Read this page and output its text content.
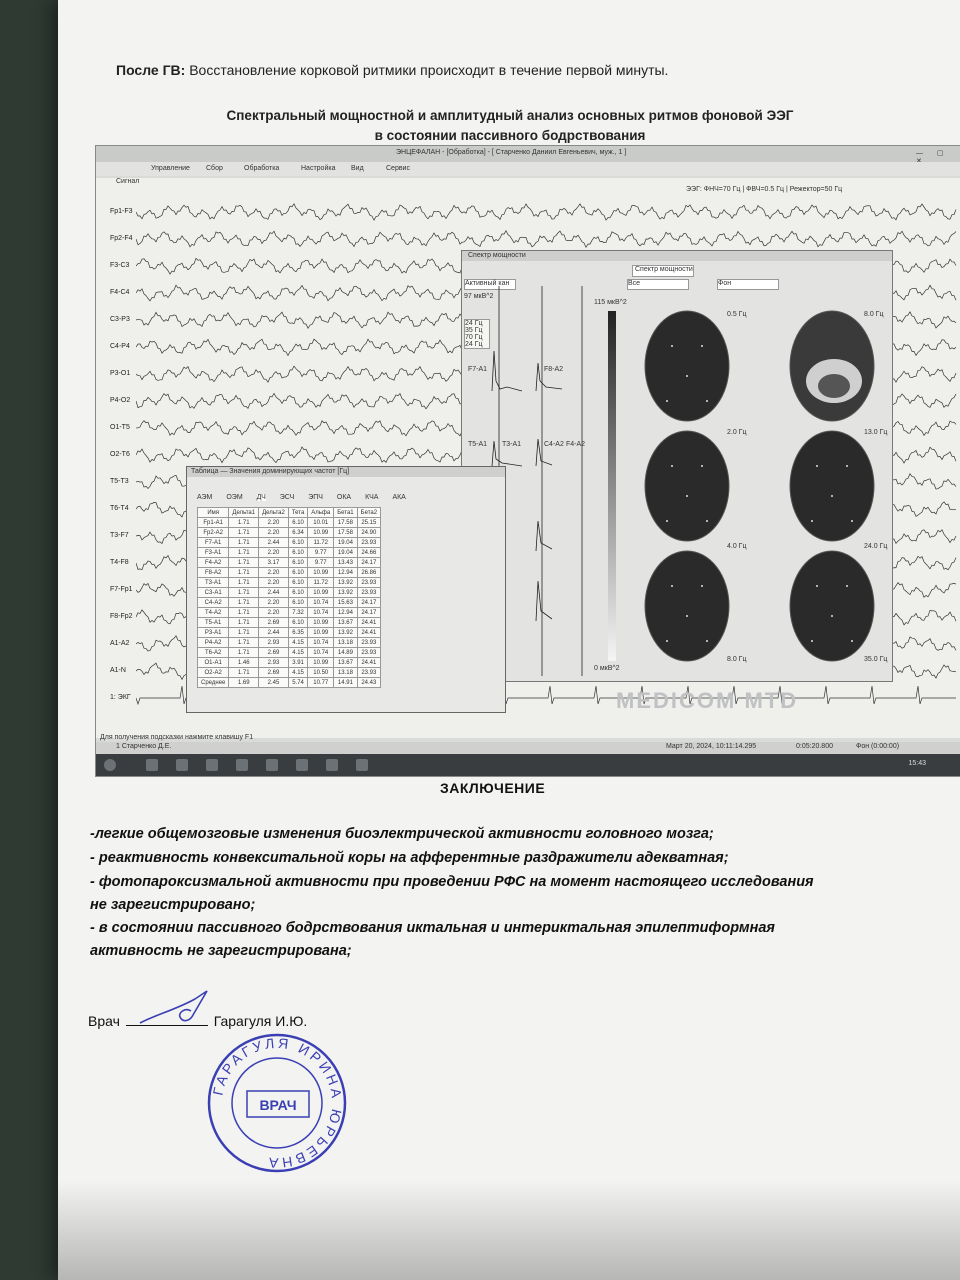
После ГВ: Восстановление корковой ритмики происходит в течение первой минуты.
Спектральный мощностной и амплитудный анализ основных ритмов фоновой ЭЭГ
в состоянии пассивного бодрствования
ЭНЦЕФАЛАН - [Обработка] - [ Старченко Даниил Евгеньевич, муж., 1 ]	— ▢
Управление Сбор	Обработка	Настройка Вид	Сервис
Сигнал
ЭЭГ: ФНЧ=70 Гц | ФВЧ=0.5 Гц | Режектор=50 Гц
Fp1-F3
Fp2-F4
F3-C3
F4-C4
C3-P3
C4-P4
P3-O1
P4-O2
O1-T5
O2-T6
T5-T3
T6-T4
T3-F7
T4-F8
F7-Fp1
F8-Fp2
A1-A2
A1-N
1: ЭКГ
Спектр мощности
Спектр мощности
Активный кан	Все	Фон
97 мкВ^2
24 Гц
35 Гц
70 Гц
24 Гц
F7-A1	F8-A2
T5-A1 T3-A1	C4-A2 F4-A2
115 мкВ^2
0 мкВ^2
0.5 Гц	8.0 Гц
2.0 Гц	13.0 Гц
4.0 Гц	24.0 Гц
8.0 Гц	35.0 Гц
Таблица — Значения доминирующих частот [Гц]
АЭМ ОЭМ ДЧ ЭСЧ ЭПЧ ОКА КЧА АКА
Имя	Дельта1	Дельта2	Тета	Альфа	Бета1	Бета2
Fp1-A1	1.71	2.20	6.10	10.01	17.58	25.15
Fp2-A2	1.71	2.20	6.34	10.99	17.58	24.90
F7-A1	1.71	2.44	6.10	11.72	19.04	23.93
F3-A1	1.71	2.20	6.10	9.77	19.04	24.66
F4-A2	1.71	3.17	6.10	9.77	13.43	24.17
F8-A2	1.71	2.20	6.10	10.99	12.94	26.86
T3-A1	1.71	2.20	6.10	11.72	13.92	23.93
C3-A1	1.71	2.44	6.10	10.99	13.92	23.93
C4-A2	1.71	2.20	6.10	10.74	15.63	24.17
T4-A2	1.71	2.20	7.32	10.74	12.94	24.17
T5-A1	1.71	2.69	6.10	10.99	13.67	24.41
P3-A1	1.71	2.44	6.35	10.99	13.92	24.41
P4-A2	1.71	2.93	4.15	10.74	13.18	23.93
T6-A2	1.71	2.69	4.15	10.74	14.89	23.93
O1-A1	1.46	2.93	3.91	10.99	13.67	24.41
O2-A2	1.71	2.69	4.15	10.50	13.18	23.93
Среднее	1.69	2.45	5.74	10.77	14.91	24.43
MEDICOM MTD
1 Старченко Д.Е.
Для получения подсказки нажмите клавишу F1
Март 20, 2024, 10:11:14.295	0:05:20.800	Фон (0:00:00)
15:43
ЗАКЛЮЧЕНИЕ
-легкие общемозговые изменения биоэлектрической активности головного мозга;
- реактивность конвекситальной коры на афферентные раздражители адекватная;
- фотопароксизмальной активности при проведении РФС на момент настоящего исследования
не зарегистрировано;
- в состоянии пассивного бодрствования иктальная и интериктальная эпилептиформная
активность не зарегистрирована;
Врач	Гарагуля И.Ю.
ГАРАГУЛЯ ИРИНА ЮРЬЕВНА
ВРАЧ
